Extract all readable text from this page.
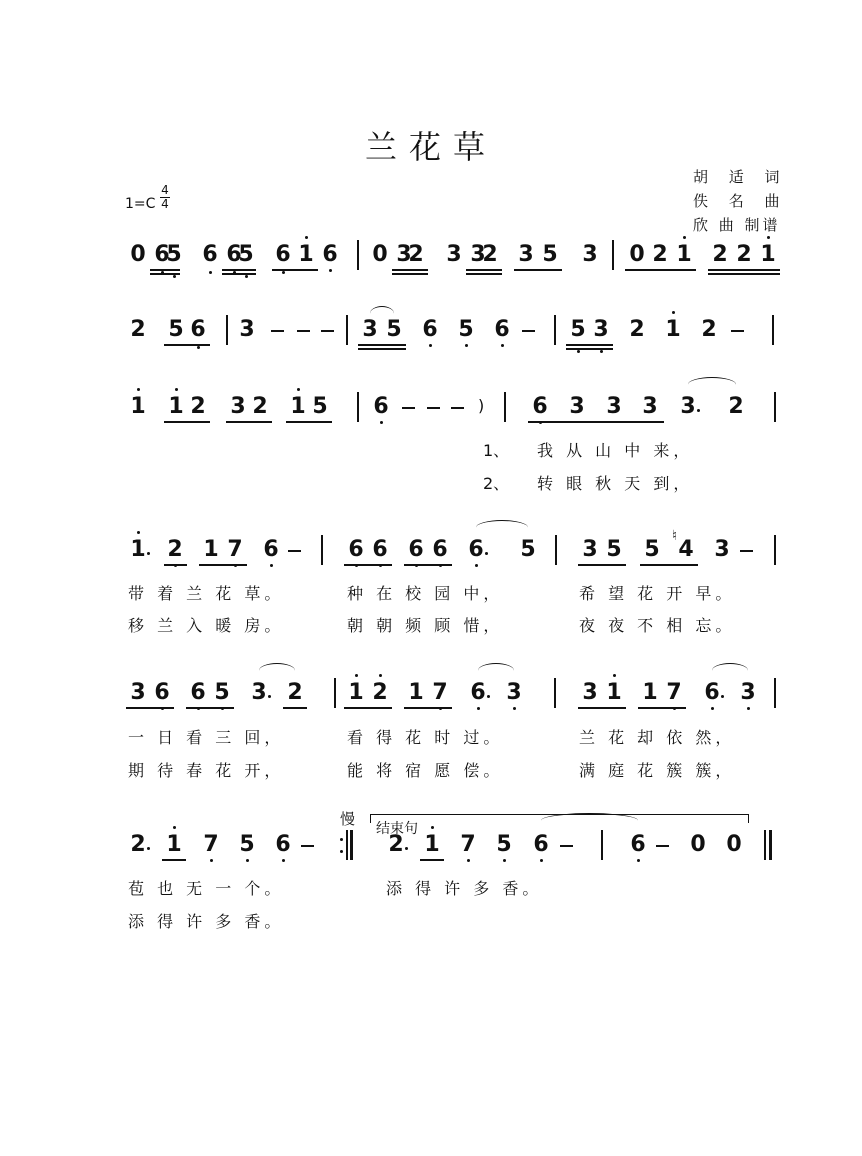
兰花草
胡 适 词
佚 名 曲
欣 曲 制谱
$1=C \frac{4}{4}$
0 6
5 6 6
5 6 1 6 0 3
2 3 3
2 3 5 3 0 2 1 2 2 1
2 5 6 3	3 5 6 5 6	5 3 2 1 2
1 1 2 3 2 1 5 6	6 3 3 3 3 2
)
1 2 1 7 6	6 6 6 6 6 5 3 5 5 4 3
♮
3 6 6 5 3 2 1 2 1 7 6 3	3 1 1 7 6 3
2 1 7 5 6	2 1 7 5 6	6 0 0
1、 我 从 山 中 来，
2、 转 眼 秋 天 到，
带 着 兰 花 草。	种 在 校 园 中，	希 望 花 开 早。
移 兰 入 暖 房。	朝 朝 频 顾 惜，	夜 夜 不 相 忘。
一 日 看 三 回，	看 得 花 时 过。	兰 花 却 依 然，
期 待 春 花 开，	能 将 宿 愿 偿。	满 庭 花 簇 簇，
苞 也 无 一 个。	添 得 许 多 香。
添 得 许 多 香。
慢
结束句
